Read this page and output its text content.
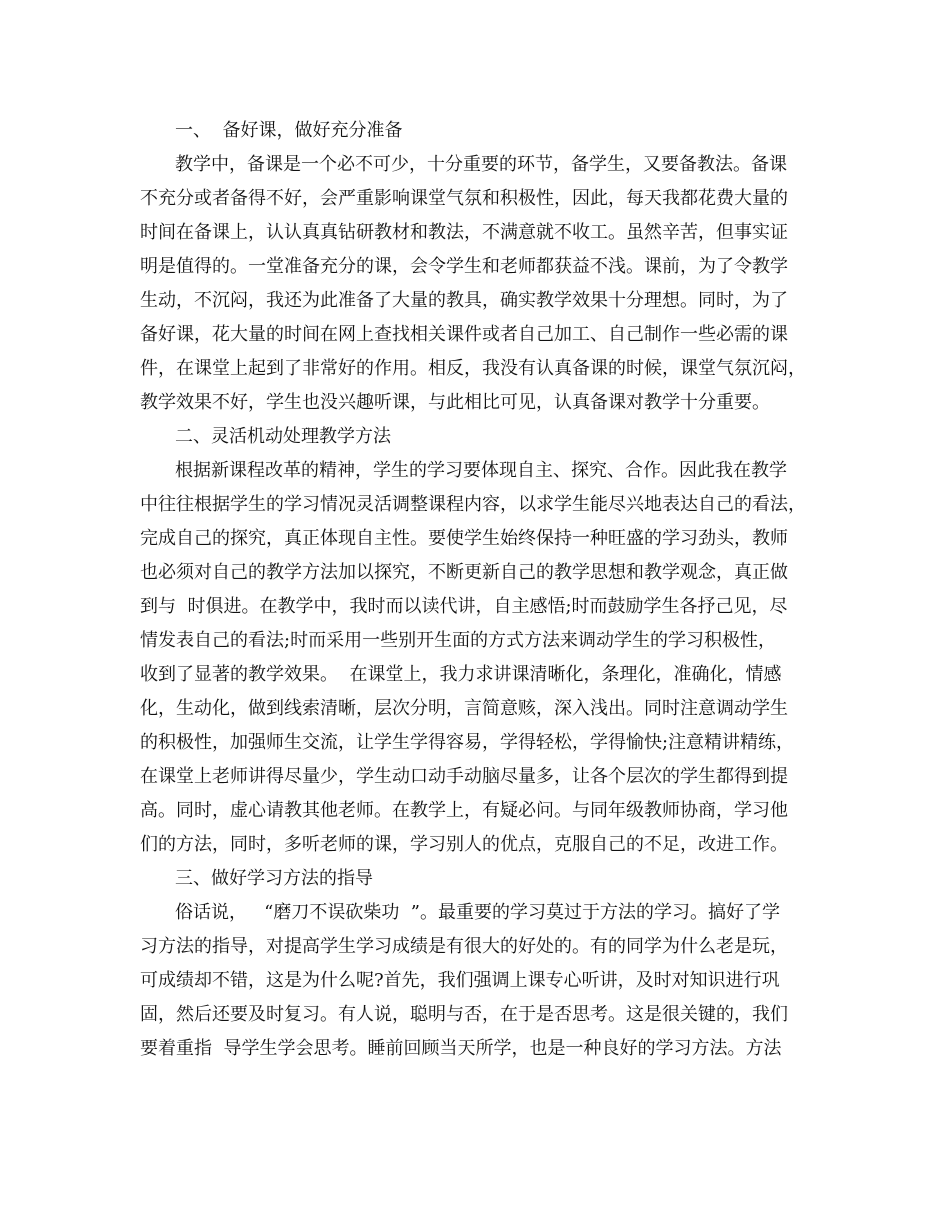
一、  备好课，做好充分准备
教学中，备课是一个必不可少，十分重要的环节，备学生，又要备教法。备课
不充分或者备得不好，会严重影响课堂气氛和积极性，因此，每天我都花费大量的
时间在备课上，认认真真钻研教材和教法，不满意就不收工。虽然辛苦，但事实证
明是值得的。一堂准备充分的课，会令学生和老师都获益不浅。课前，为了令教学
生动，不沉闷，我还为此准备了大量的教具，确实教学效果十分理想。同时，为了
备好课，花大量的时间在网上查找相关课件或者自己加工、自己制作一些必需的课
件，在课堂上起到了非常好的作用。相反，我没有认真备课的时候，课堂气氛沉闷，
教学效果不好，学生也没兴趣听课，与此相比可见，认真备课对教学十分重要。
二、灵活机动处理教学方法
根据新课程改革的精神，学生的学习要体现自主、探究、合作。因此我在教学
中往往根据学生的学习情况灵活调整课程内容，以求学生能尽兴地表达自己的看法，
完成自己的探究，真正体现自主性。要使学生始终保持一种旺盛的学习劲头，教师
也必须对自己的教学方法加以探究，不断更新自己的教学思想和教学观念，真正做
到与  时俱进。在教学中，我时而以读代讲，自主感悟;时而鼓励学生各抒己见，尽
情发表自己的看法;时而采用一些别开生面的方式方法来调动学生的学习积极性，
收到了显著的教学效果。  在课堂上，我力求讲课清晰化，条理化，准确化，情感
化，生动化，做到线索清晰，层次分明，言简意赅，深入浅出。同时注意调动学生
的积极性，加强师生交流，让学生学得容易，学得轻松，学得愉快;注意精讲精练，
在课堂上老师讲得尽量少，学生动口动手动脑尽量多，让各个层次的学生都得到提
高。同时，虚心请教其他老师。在教学上，有疑必问。与同年级教师协商，学习他
们的方法，同时，多听老师的课，学习别人的优点，克服自己的不足，改进工作。
三、做好学习方法的指导
俗话说，   “磨刀不误砍柴功  ”。最重要的学习莫过于方法的学习。搞好了学
习方法的指导，对提高学生学习成绩是有很大的好处的。有的同学为什么老是玩，
可成绩却不错，这是为什么呢?首先，我们强调上课专心听讲，及时对知识进行巩
固，然后还要及时复习。有人说，聪明与否，在于是否思考。这是很关键的，我们
要着重指  导学生学会思考。睡前回顾当天所学，也是一种良好的学习方法。方法
